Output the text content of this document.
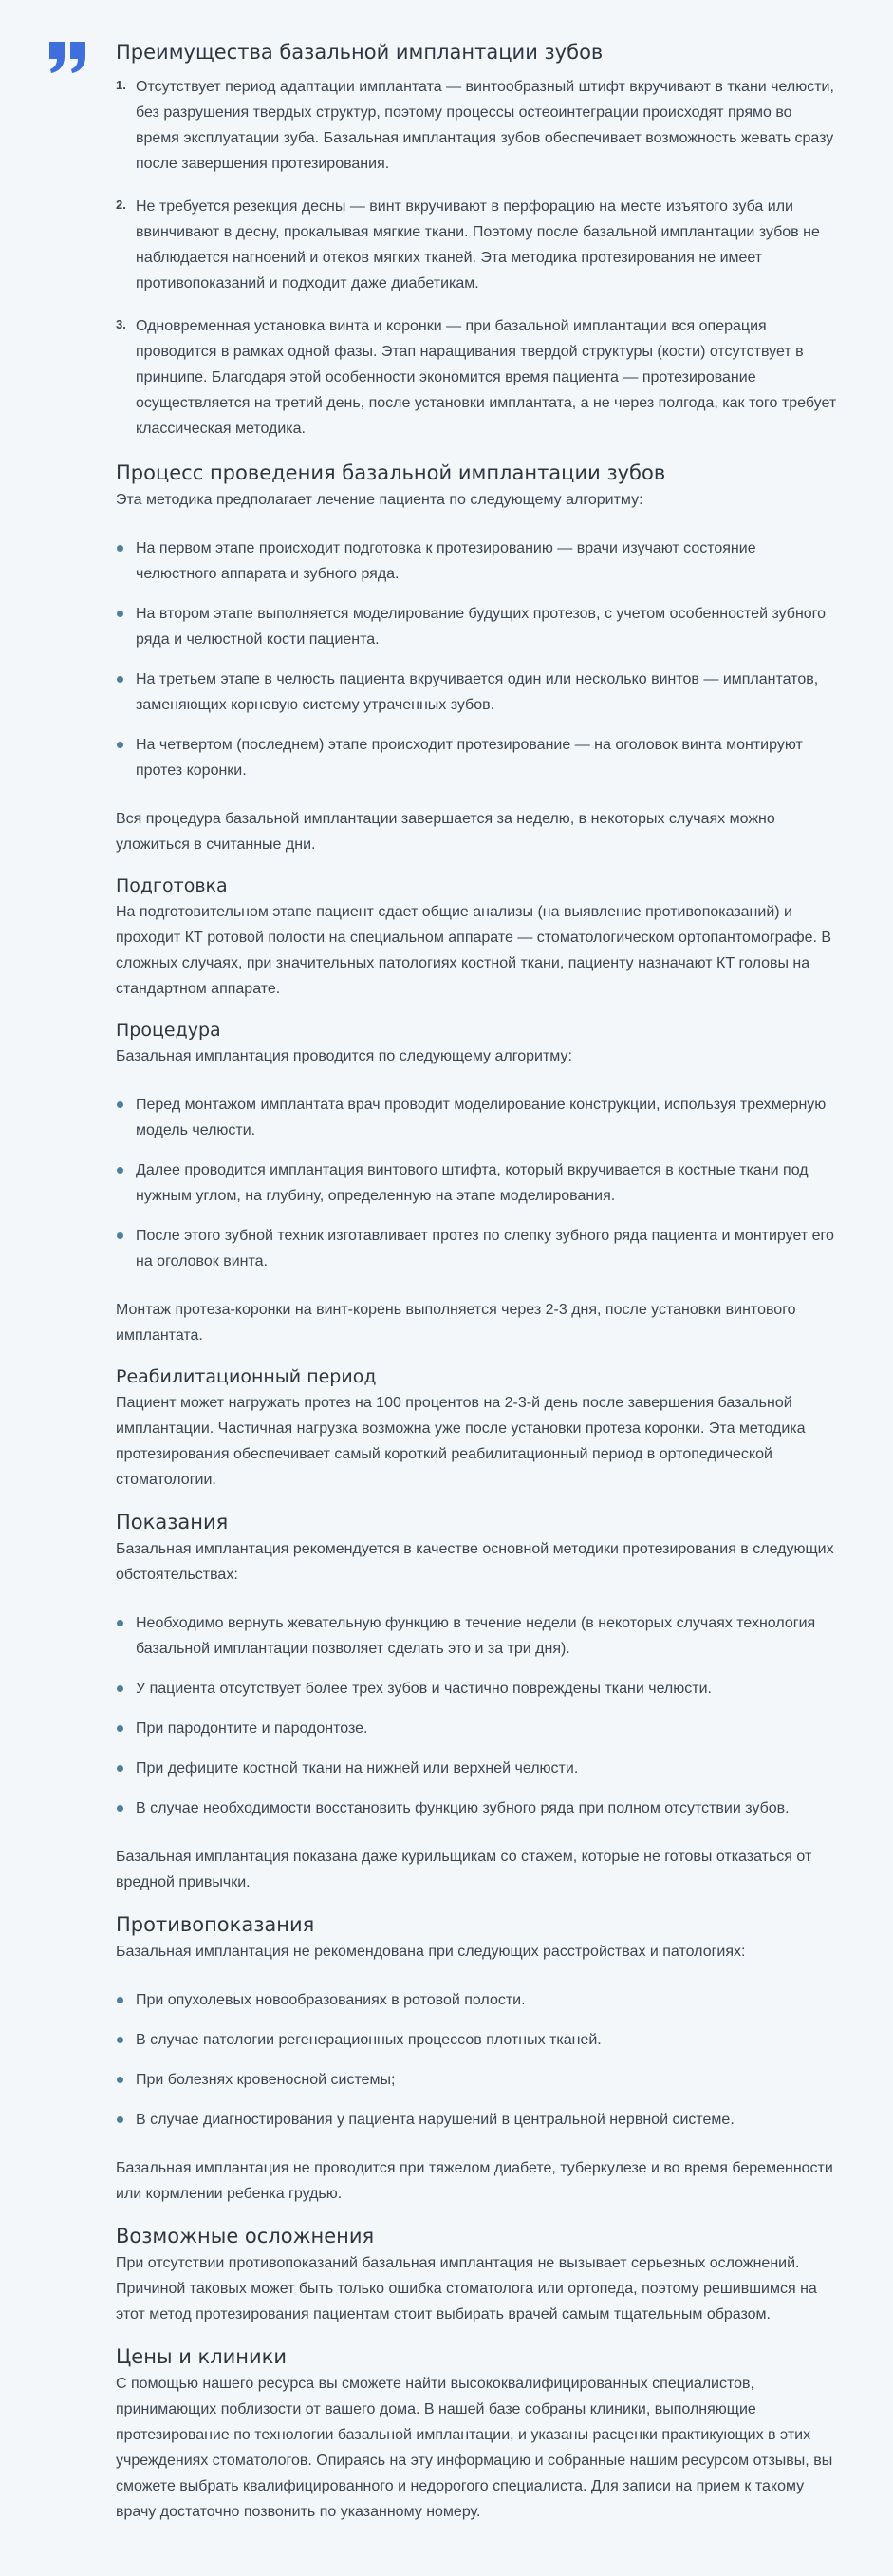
Преимущества базальной имплантации зубов
1. Отсутствует период адаптации имплантата — винтообразный штифт вкручивают в ткани челюсти, без разрушения твердых структур, поэтому процессы остеоинтеграции происходят прямо во время эксплуатации зуба. Базальная имплантация зубов обеспечивает возможность жевать сразу после завершения протезирования.
2. Не требуется резекция десны — винт вкручивают в перфорацию на месте изъятого зуба или ввинчивают в десну, прокалывая мягкие ткани. Поэтому после базальной имплантации зубов не наблюдается нагноений и отеков мягких тканей. Эта методика протезирования не имеет противопоказаний и подходит даже диабетикам.
3. Одновременная установка винта и коронки — при базальной имплантации вся операция проводится в рамках одной фазы. Этап наращивания твердой структуры (кости) отсутствует в принципе. Благодаря этой особенности экономится время пациента — протезирование осуществляется на третий день, после установки имплантата, а не через полгода, как того требует классическая методика.
Процесс проведения базальной имплантации зубов

Эта методика предполагает лечение пациента по следующему алгоритму:

На первом этапе происходит подготовка к протезированию — врачи изучают состояние челюстного аппарата и зубного ряда.
На втором этапе выполняется моделирование будущих протезов, с учетом особенностей зубного ряда и челюстной кости пациента.
На третьем этапе в челюсть пациента вкручивается один или несколько винтов — имплантатов, заменяющих корневую систему утраченных зубов.
На четвертом (последнем) этапе происходит протезирование — на оголовок винта монтируют протез коронки.

Вся процедура базальной имплантации завершается за неделю, в некоторых случаях можно уложиться в считанные дни.

Подготовка

На подготовительном этапе пациент сдает общие анализы (на выявление противопоказаний) и проходит КТ ротовой полости на специальном аппарате — стоматологическом ортопантомографе. В сложных случаях, при значительных патологиях костной ткани, пациенту назначают КТ головы на стандартном аппарате.

Процедура

Базальная имплантация проводится по следующему алгоритму:

Перед монтажом имплантата врач проводит моделирование конструкции, используя трехмерную модель челюсти.
Далее проводится имплантация винтового штифта, который вкручивается в костные ткани под нужным углом, на глубину, определенную на этапе моделирования.
После этого зубной техник изготавливает протез по слепку зубного ряда пациента и монтирует его на оголовок винта.

Монтаж протеза-коронки на винт-корень выполняется через 2-3 дня, после установки винтового имплантата.

Реабилитационный период

Пациент может нагружать протез на 100 процентов на 2-3-й день после завершения базальной имплантации. Частичная нагрузка возможна уже после установки протеза коронки. Эта методика протезирования обеспечивает самый короткий реабилитационный период в ортопедической стоматологии.

Показания

Базальная имплантация рекомендуется в качестве основной методики протезирования в следующих обстоятельствах:

Необходимо вернуть жевательную функцию в течение недели (в некоторых случаях технология базальной имплантации позволяет сделать это и за три дня).
У пациента отсутствует более трех зубов и частично повреждены ткани челюсти.
При пародонтите и пародонтозе.
При дефиците костной ткани на нижней или верхней челюсти.
В случае необходимости восстановить функцию зубного ряда при полном отсутствии зубов.

Базальная имплантация показана даже курильщикам со стажем, которые не готовы отказаться от вредной привычки.

Противопоказания

Базальная имплантация не рекомендована при следующих расстройствах и патологиях:

При опухолевых новообразованиях в ротовой полости.
В случае патологии регенерационных процессов плотных тканей.
При болезнях кровеносной системы;
В случае диагностирования у пациента нарушений в центральной нервной системе.

Базальная имплантация не проводится при тяжелом диабете, туберкулезе и во время беременности или кормлении ребенка грудью.

Возможные осложнения

При отсутствии противопоказаний базальная имплантация не вызывает серьезных осложнений. Причиной таковых может быть только ошибка стоматолога или ортопеда, поэтому решившимся на этот метод протезирования пациентам стоит выбирать врачей самым тщательным образом.

Цены и клиники

С помощью нашего ресурса вы сможете найти высококвалифицированных специалистов, принимающих поблизости от вашего дома. В нашей базе собраны клиники, выполняющие протезирование по технологии базальной имплантации, и указаны расценки практикующих в этих учреждениях стоматологов. Опираясь на эту информацию и собранные нашим ресурсом отзывы, вы сможете выбрать квалифицированного и недорогого специалиста. Для записи на прием к такому врачу достаточно позвонить по указанному номеру.
